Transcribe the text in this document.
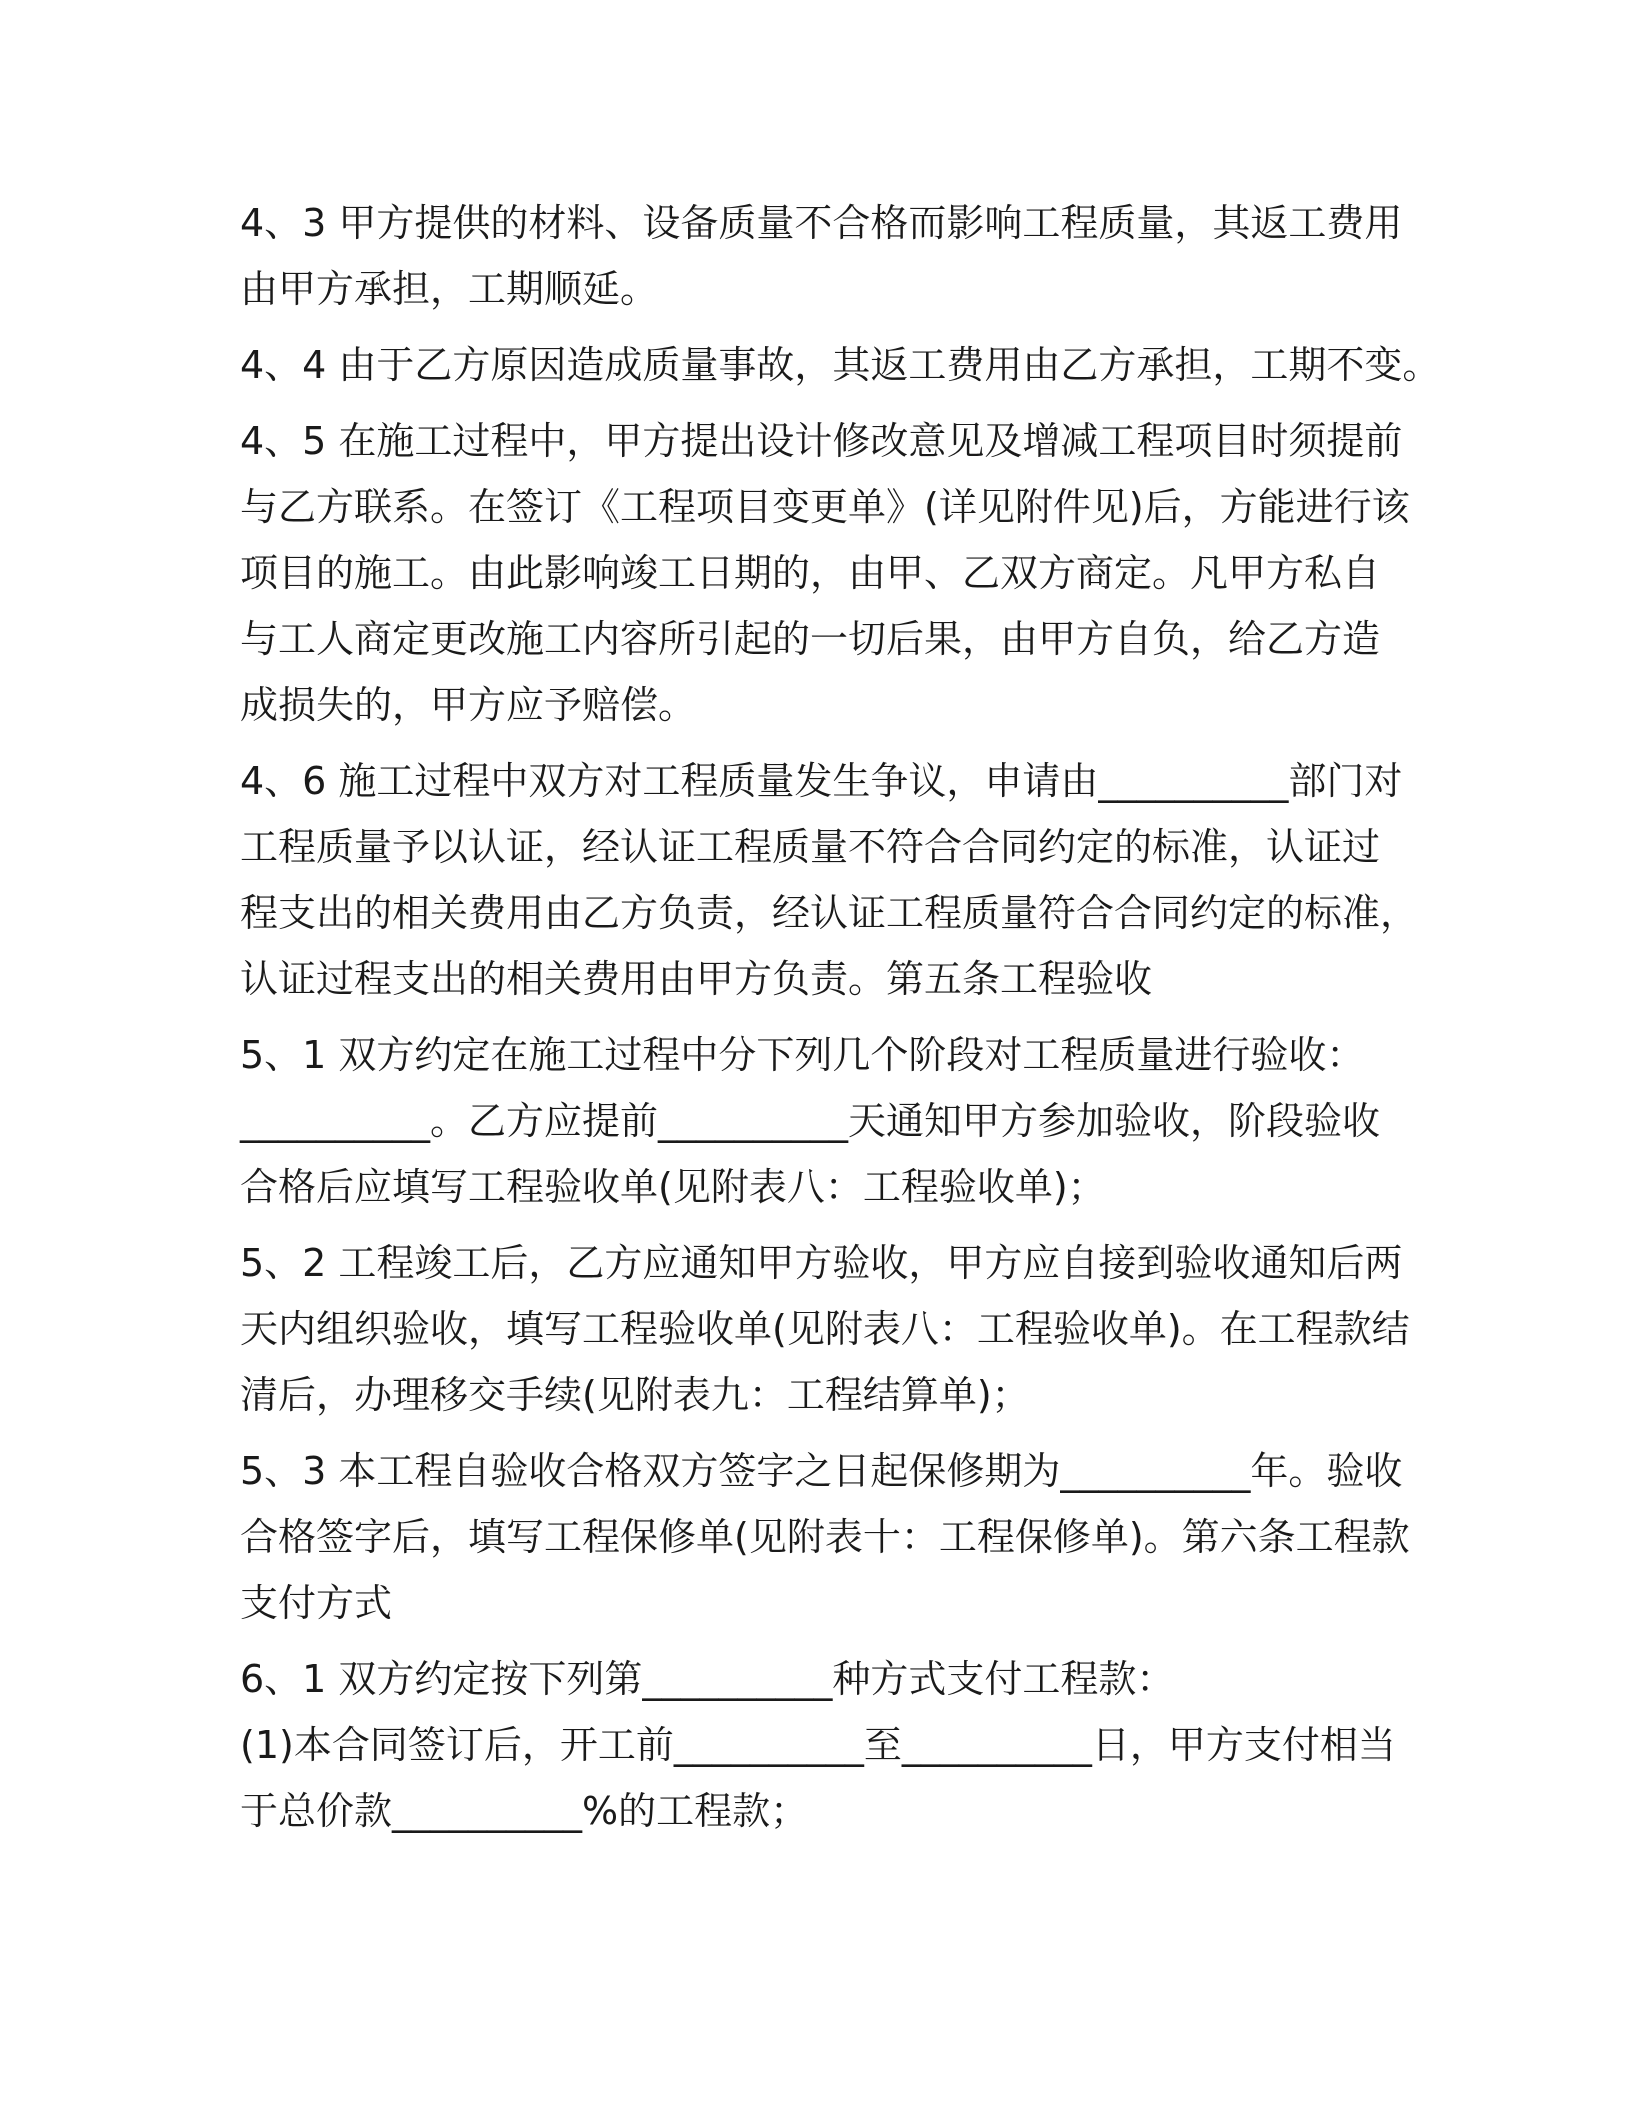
4、3 甲方提供的材料、设备质量不合格而影响工程质量，其返工费用
由甲方承担，工期顺延。

4、4 由于乙方原因造成质量事故，其返工费用由乙方承担，工期不变。

4、5 在施工过程中，甲方提出设计修改意见及增减工程项目时须提前
与乙方联系。在签订《工程项目变更单》(详见附件见)后，方能进行该
项目的施工。由此影响竣工日期的，由甲、乙双方商定。凡甲方私自
与工人商定更改施工内容所引起的一切后果，由甲方自负，给乙方造
成损失的，甲方应予赔偿。

4、6 施工过程中双方对工程质量发生争议，申请由__________部门对
工程质量予以认证，经认证工程质量不符合合同约定的标准，认证过
程支出的相关费用由乙方负责，经认证工程质量符合合同约定的标准，
认证过程支出的相关费用由甲方负责。第五条工程验收

5、1 双方约定在施工过程中分下列几个阶段对工程质量进行验收：
__________。乙方应提前__________天通知甲方参加验收，阶段验收
合格后应填写工程验收单(见附表八：工程验收单)；

5、2 工程竣工后，乙方应通知甲方验收，甲方应自接到验收通知后两
天内组织验收，填写工程验收单(见附表八：工程验收单)。在工程款结
清后，办理移交手续(见附表九：工程结算单)；

5、3 本工程自验收合格双方签字之日起保修期为__________年。验收
合格签字后，填写工程保修单(见附表十：工程保修单)。第六条工程款
支付方式

6、1 双方约定按下列第__________种方式支付工程款：

(1)本合同签订后，开工前__________至__________日，甲方支付相当
于总价款__________%的工程款；
